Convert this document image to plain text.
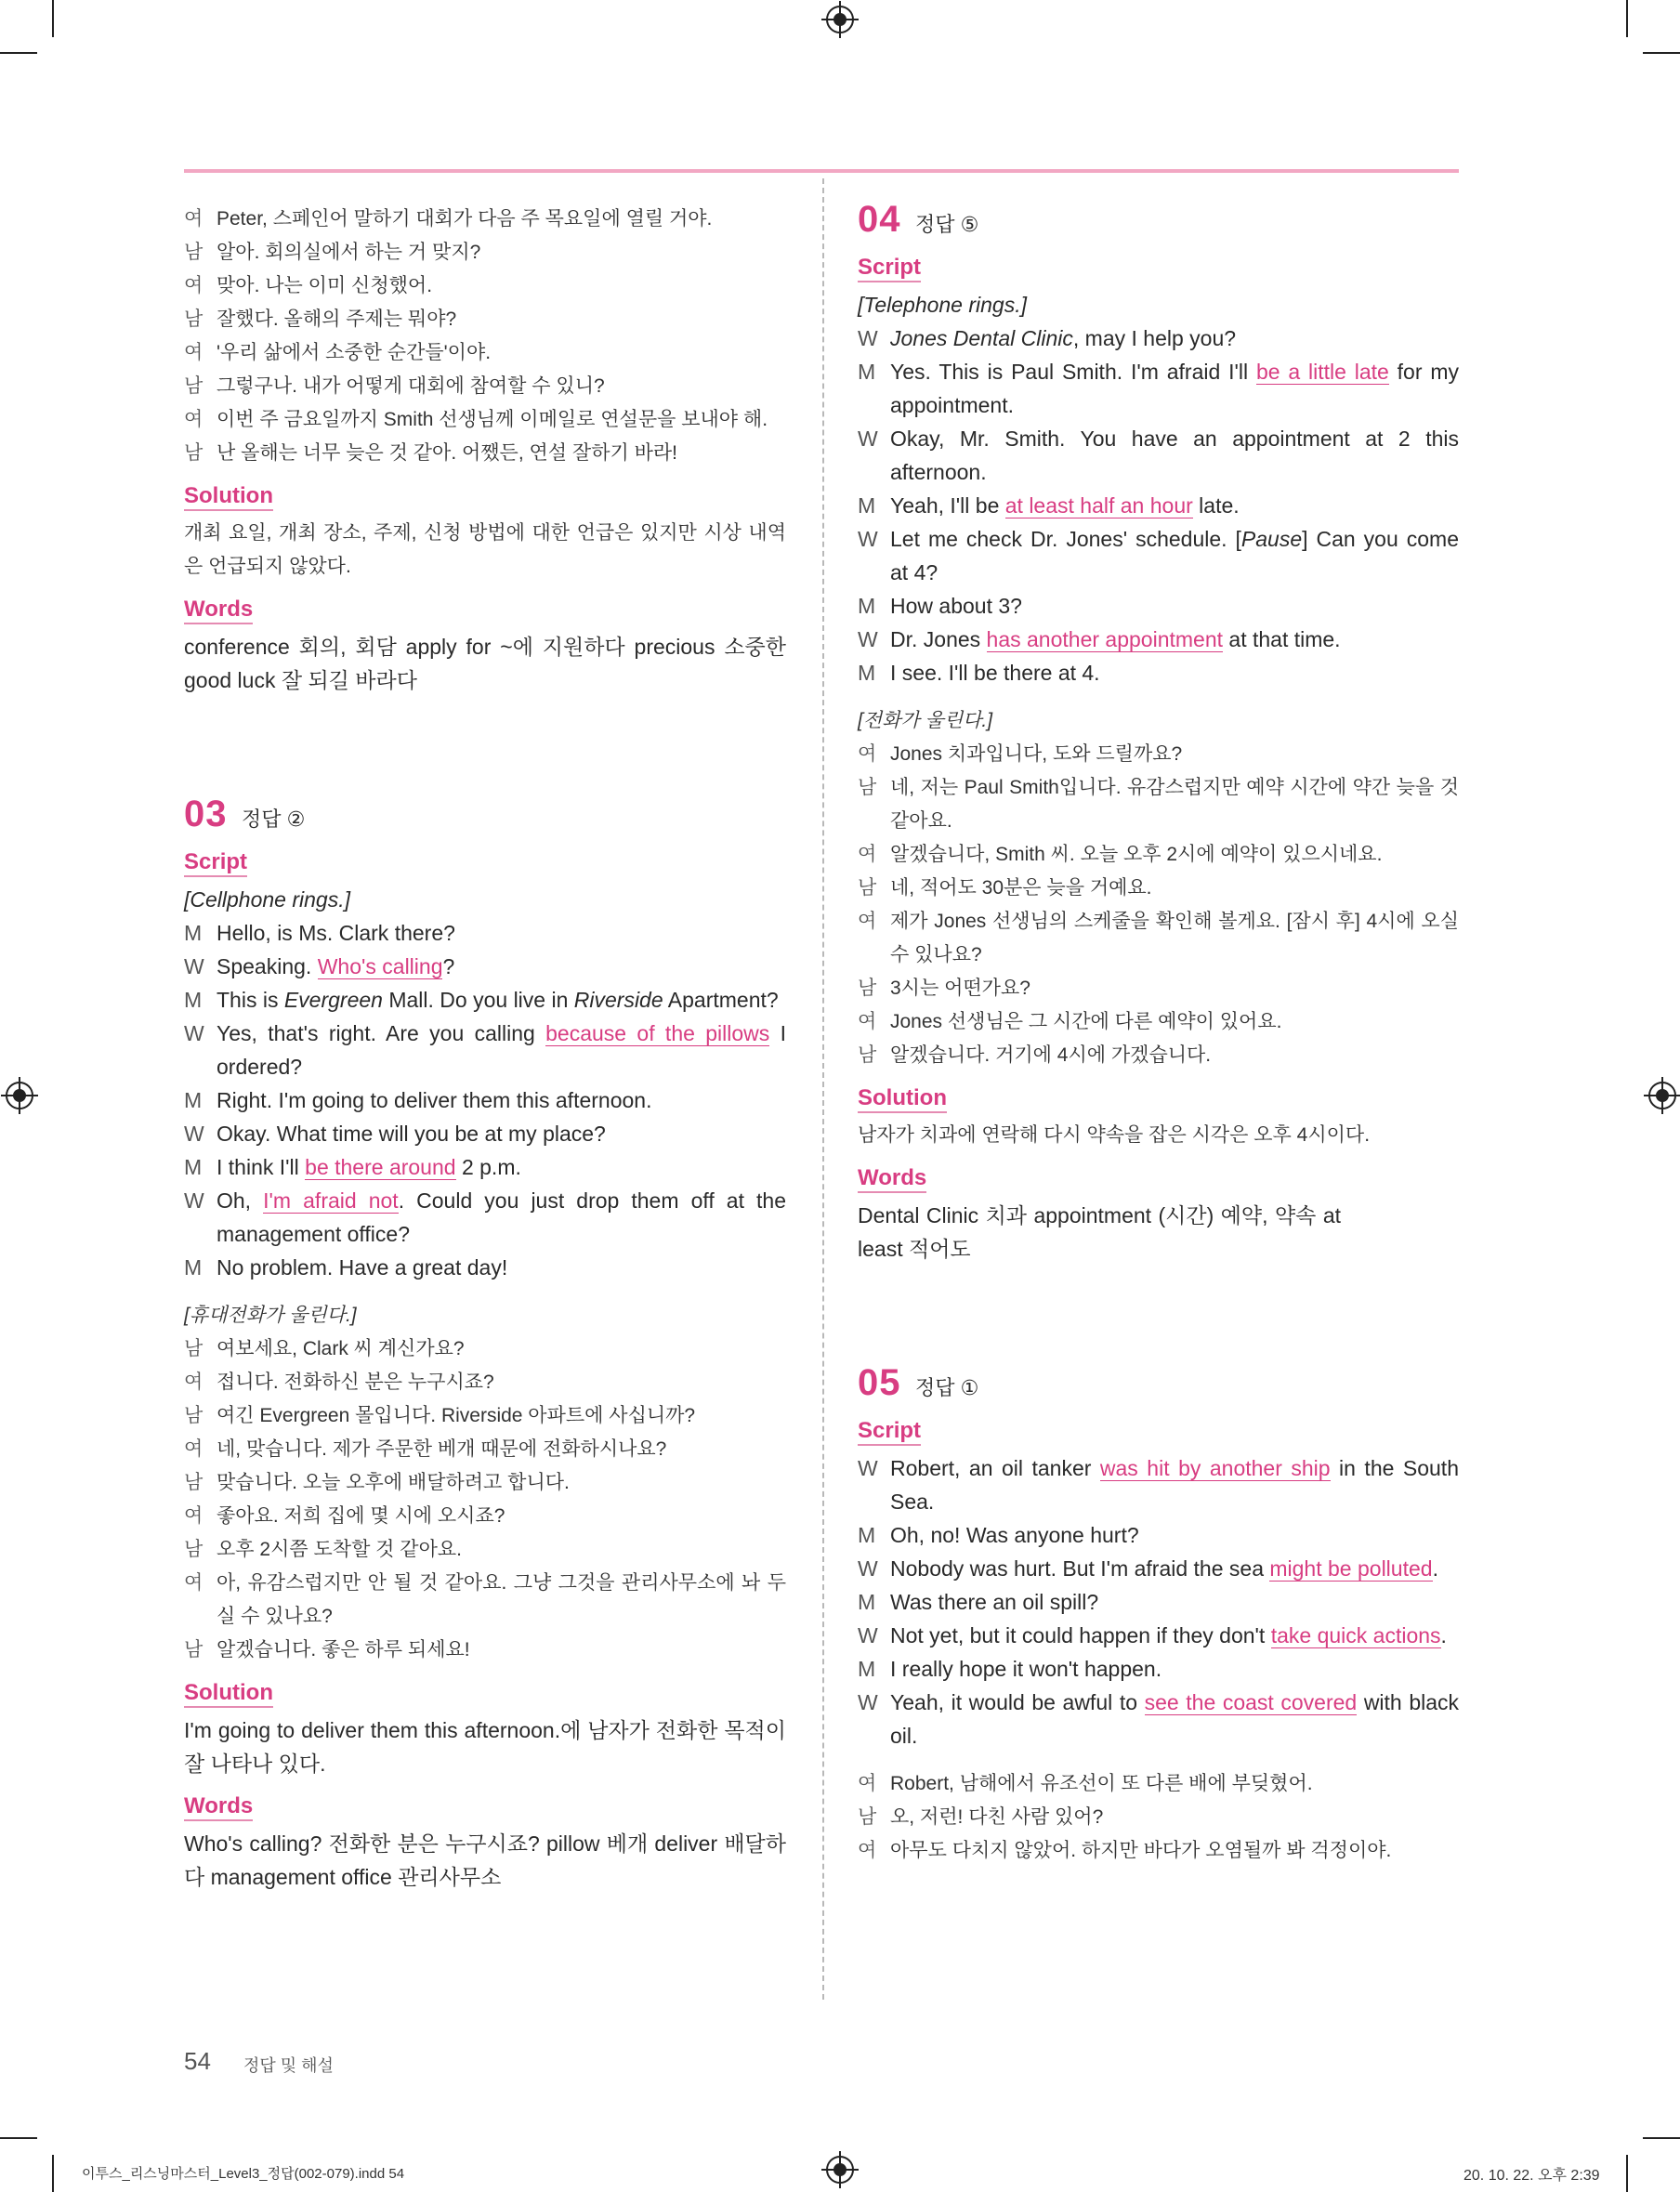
여 Peter, 스페인어 말하기 대회가 다음 주 목요일에 열릴 거야.
남 알아. 회의실에서 하는 거 맞지?
여 맞아. 나는 이미 신청했어.
남 잘했다. 올해의 주제는 뭐야?
여 '우리 삶에서 소중한 순간들'이야.
남 그렇구나. 내가 어떻게 대회에 참여할 수 있니?
여 이번 주 금요일까지 Smith 선생님께 이메일로 연설문을 보내야 해.
남 난 올해는 너무 늦은 것 같아. 어쨌든, 연설 잘하기 바라!
Solution
개최 요일, 개최 장소, 주제, 신청 방법에 대한 언급은 있지만 시상 내역은 언급되지 않았다.
Words
conference 회의, 회담 apply for ~에 지원하다 precious 소중한 good luck 잘 되길 바라다
03 정답 ②
Script
[Cellphone rings.]
M Hello, is Ms. Clark there?
W Speaking. Who's calling?
M This is Evergreen Mall. Do you live in Riverside Apartment?
W Yes, that's right. Are you calling because of the pillows I ordered?
M Right. I'm going to deliver them this afternoon.
W Okay. What time will you be at my place?
M I think I'll be there around 2 p.m.
W Oh, I'm afraid not. Could you just drop them off at the management office?
M No problem. Have a great day!
[휴대전화가 울린다.]
남 여보세요, Clark 씨 계신가요?
여 접니다. 전화하신 분은 누구시죠?
남 여긴 Evergreen 몰입니다. Riverside 아파트에 사십니까?
여 네, 맞습니다. 제가 주문한 베개 때문에 전화하시나요?
남 맞습니다. 오늘 오후에 배달하려고 합니다.
여 좋아요. 저희 집에 몇 시에 오시죠?
남 오후 2시쯤 도착할 것 같아요.
여 아, 유감스럽지만 안 될 것 같아요. 그냥 그것을 관리사무소에 놔 두실 수 있나요?
남 알겠습니다. 좋은 하루 되세요!
Solution
I'm going to deliver them this afternoon.에 남자가 전화한 목적이 잘 나타나 있다.
Words
Who's calling? 전화한 분은 누구시죠? pillow 베개 deliver 배달하다 management office 관리사무소
04 정답 ⑤
Script
[Telephone rings.]
W Jones Dental Clinic, may I help you?
M Yes. This is Paul Smith. I'm afraid I'll be a little late for my appointment.
W Okay, Mr. Smith. You have an appointment at 2 this afternoon.
M Yeah, I'll be at least half an hour late.
W Let me check Dr. Jones' schedule. [Pause] Can you come at 4?
M How about 3?
W Dr. Jones has another appointment at that time.
M I see. I'll be there at 4.
[전화가 울린다.]
여 Jones 치과입니다, 도와 드릴까요?
남 네, 저는 Paul Smith입니다. 유감스럽지만 예약 시간에 약간 늦을 것 같아요.
여 알겠습니다, Smith 씨. 오늘 오후 2시에 예약이 있으시네요.
남 네, 적어도 30분은 늦을 거예요.
여 제가 Jones 선생님의 스케줄을 확인해 볼게요. [잠시 후] 4시에 오실 수 있나요?
남 3시는 어떤가요?
여 Jones 선생님은 그 시간에 다른 예약이 있어요.
남 알겠습니다. 거기에 4시에 가겠습니다.
Solution
남자가 치과에 연락해 다시 약속을 잡은 시각은 오후 4시이다.
Words
Dental Clinic 치과 appointment (시간) 예약, 약속 at least 적어도
05 정답 ①
Script
W Robert, an oil tanker was hit by another ship in the South Sea.
M Oh, no! Was anyone hurt?
W Nobody was hurt. But I'm afraid the sea might be polluted.
M Was there an oil spill?
W Not yet, but it could happen if they don't take quick actions.
M I really hope it won't happen.
W Yeah, it would be awful to see the coast covered with black oil.
여 Robert, 남해에서 유조선이 또 다른 배에 부딪혔어.
남 오, 저런! 다친 사람 있어?
여 아무도 다치지 않았어. 하지만 바다가 오염될까 봐 걱정이야.
54 정답 및 해설
이투스_리스닝마스터_Level3_정답(002-079).indd 54	20. 10. 22. 오후 2:39
